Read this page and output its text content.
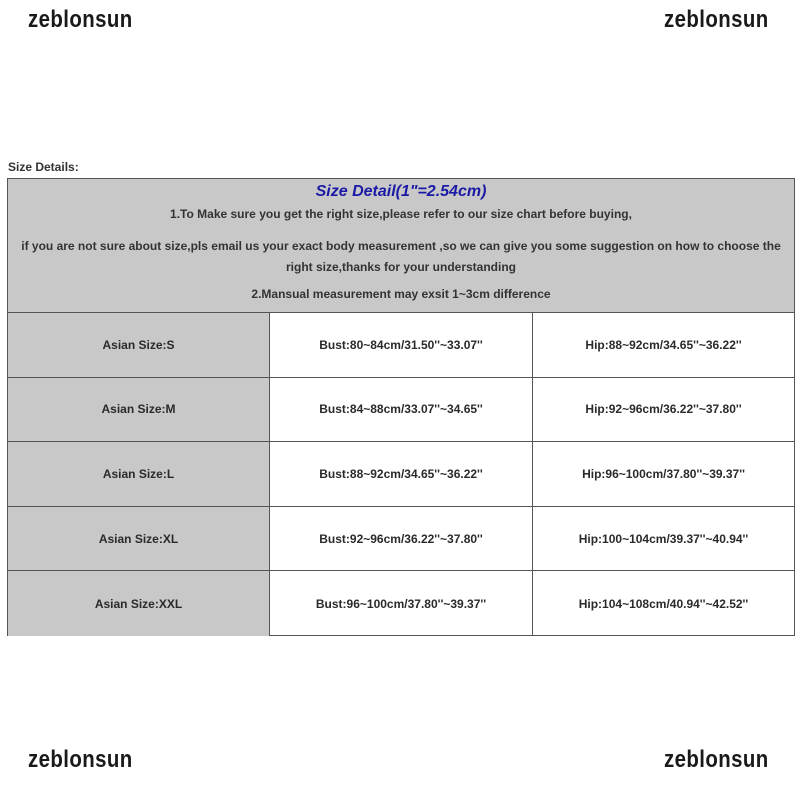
zeblonsun	zeblonsun
zeblonsun	zeblonsun
Size Details:
Size Detail(1"=2.54cm)
1.To Make sure you get the right size,please refer to our size chart before buying,
if you are not sure about size,pls email us your exact body measurement ,so we can give you some suggestion on how to choose the right size,thanks for your understanding
2.Mansual measurement may exsit 1~3cm difference
Asian Size:S	Bust:80~84cm/31.50''~33.07''	Hip:88~92cm/34.65''~36.22''
Asian Size:M	Bust:84~88cm/33.07''~34.65''	Hip:92~96cm/36.22''~37.80''
Asian Size:L	Bust:88~92cm/34.65''~36.22''	Hip:96~100cm/37.80''~39.37''
Asian Size:XL	Bust:92~96cm/36.22''~37.80''	Hip:100~104cm/39.37''~40.94''
Asian Size:XXL	Bust:96~100cm/37.80''~39.37''	Hip:104~108cm/40.94''~42.52''
